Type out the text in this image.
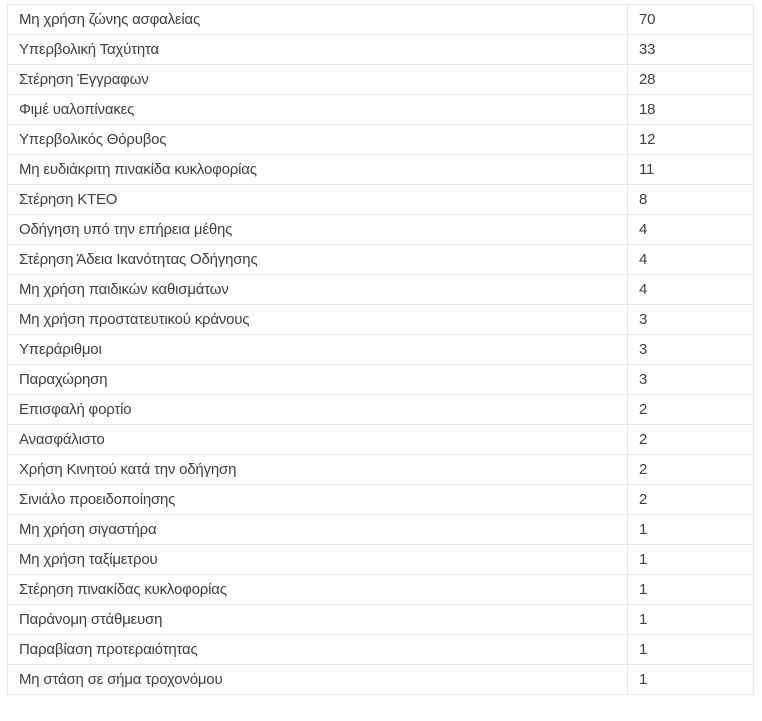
Μη χρήση ζώνης ασφαλείας	70
Υπερβολική Ταχύτητα	33
Στέρηση Έγγραφων	28
Φιμέ υαλοπίνακες	18
Υπερβολικός Θόρυβος	12
Μη ευδιάκριτη πινακίδα κυκλοφορίας	11
Στέρηση ΚΤΕΟ	8
Οδήγηση υπό την επήρεια μέθης	4
Στέρηση Άδεια Ικανότητας Οδήγησης	4
Μη χρήση παιδικών καθισμάτων	4
Μη χρήση προστατευτικού κράνους	3
Υπεράριθμοι	3
Παραχώρηση	3
Επισφαλή φορτίο	2
Ανασφάλιστο	2
Χρήση Κινητού κατά την οδήγηση	2
Σινιάλο προειδοποίησης	2
Μη χρήση σιγαστήρα	1
Μη χρήση ταξίμετρου	1
Στέρηση πινακίδας κυκλοφορίας	1
Παράνομη στάθμευση	1
Παραβίαση προτεραιότητας	1
Μη στάση σε σήμα τροχονόμου	1
